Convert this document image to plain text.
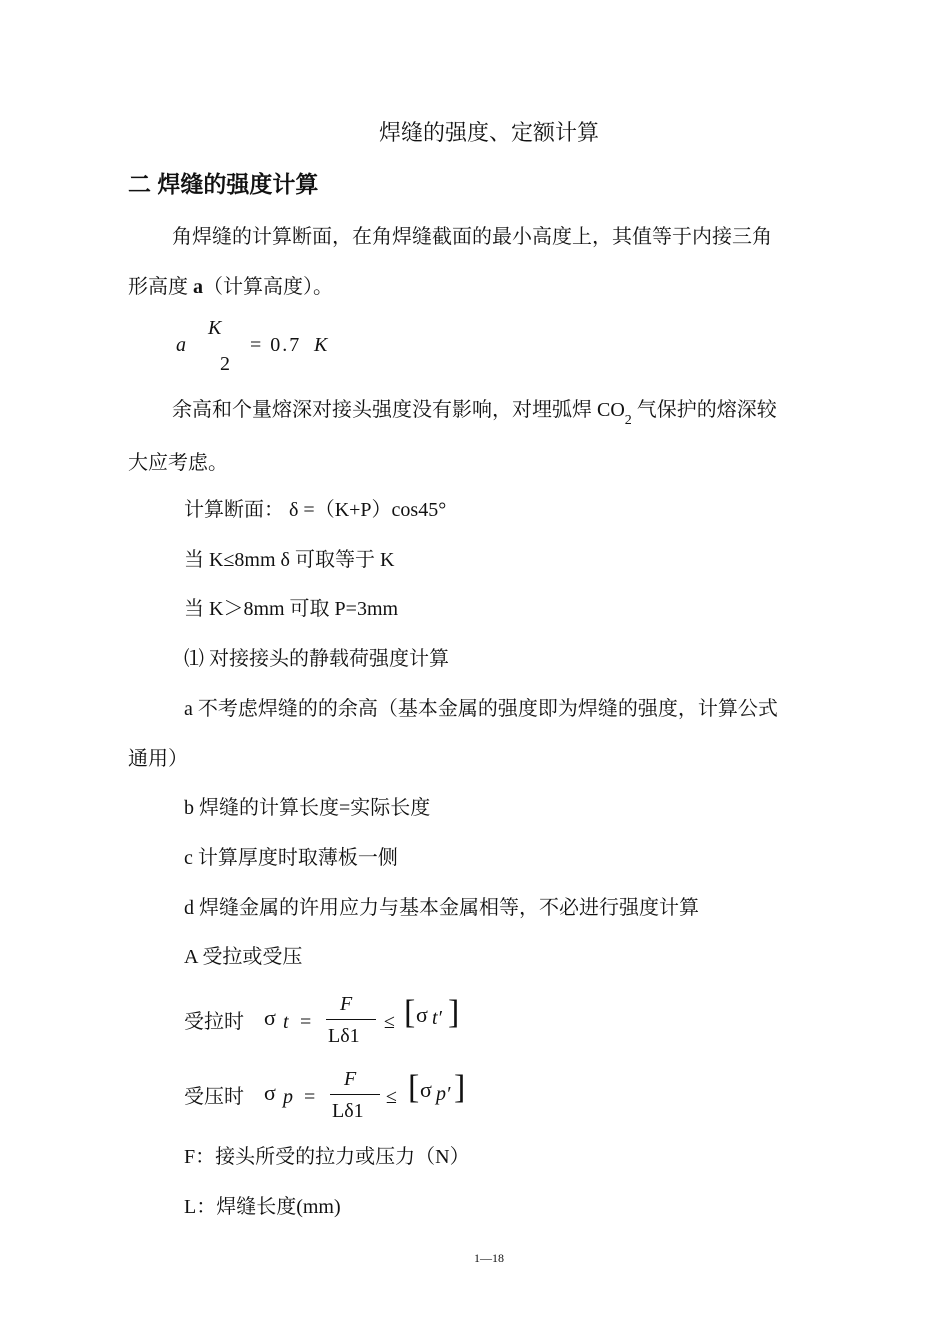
焊缝的强度、定额计算
二 焊缝的强度计算
角焊缝的计算断面，在角焊缝截面的最小高度上，其值等于内接三角
形高度 a（计算高度）。
a
K
2
= 0.7 K
余高和个量熔深对接头强度没有影响，对埋弧焊 $CO_2$ 气保护的熔深较
大应考虑。
计算断面： δ =（K+P）cos45°
当 K≤8mm δ 可取等于 K
当 K＞8mm 可取 P=3mm
⑴ 对接接头的静载荷强度计算
a 不考虑焊缝的的余高（基本金属的强度即为焊缝的强度，计算公式
通用）
b 焊缝的计算长度=实际长度
c 计算厚度时取薄板一侧
d 焊缝金属的许用应力与基本金属相等，不必进行强度计算
A 受拉或受压
受拉时 σ t =
F
Lδ1
≤ [ σ t′ ]
受压时 σ p =
F
Lδ1
≤ [ σ p′ ]
F：接头所受的拉力或压力（N）
L：焊缝长度(mm)
1—18
